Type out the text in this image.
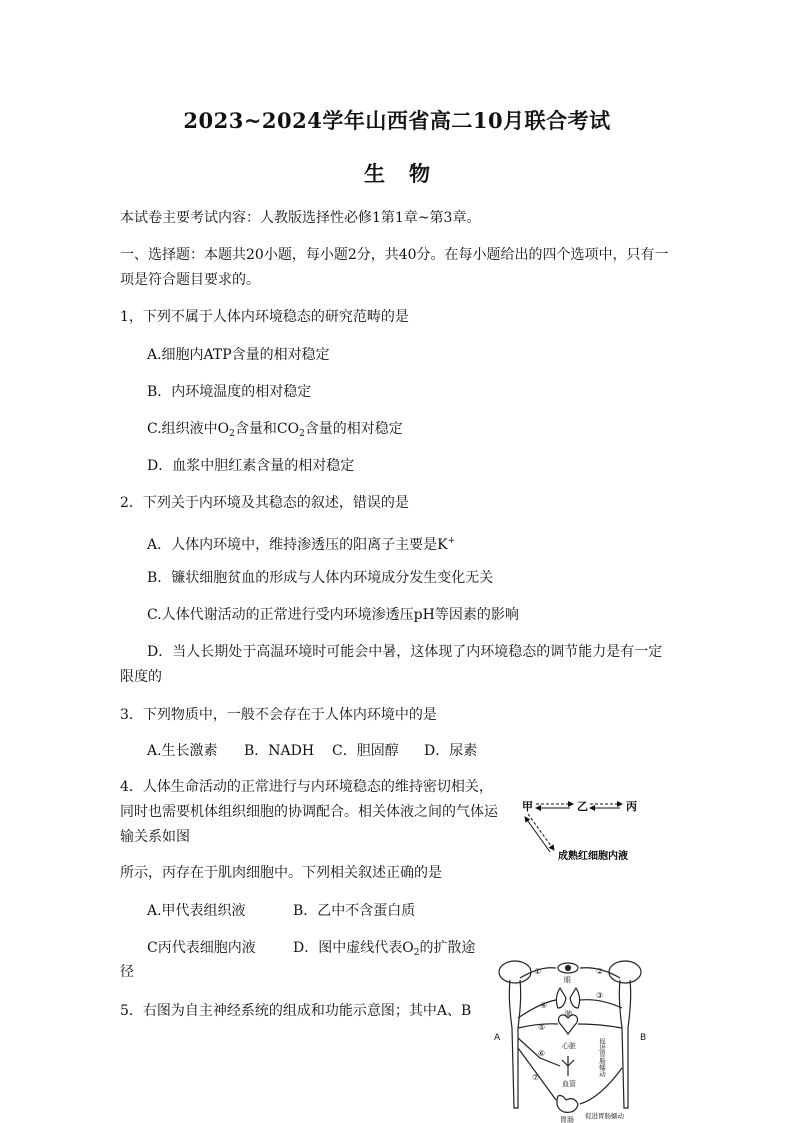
2023~2024学年山西省高二10月联合考试
生物
本试卷主要考试内容：人教版选择性必修1第1章~第3章。
一、选择题：本题共20小题，每小题2分，共40分。在每小题给出的四个选项中，只有一项是符合题目要求的。
1，下列不属于人体内环境稳态的研究范畴的是
A.细胞内ATP含量的相对稳定
B．内环境温度的相对稳定
C.组织液中$O_2$含量和$CO_2$含量的相对稳定
D．血浆中胆红素含量的相对稳定
2．下列关于内环境及其稳态的叙述，错误的是
A．人体内环境中，维持渗透压的阳离子主要是K+
B．镰状细胞贫血的形成与人体内环境成分发生变化无关
C.人体代谢活动的正常进行受内环境渗透压pH等因素的影响
D．当人长期处于高温环境时可能会中暑，这体现了内环境稳态的调节能力是有一定限度的
3．下列物质中，一般不会存在于人体内环境中的是
A.生长激素 B．NADH C．胆固醇 D．尿素
4．人体生命活动的正常进行与内环境稳态的维持密切相关，同时也需要机体组织细胞的协调配合。相关体液之间的气体运输关系如图
所示，丙存在于肌肉细胞中。下列相关叙述正确的是
A.甲代表组织液	B．乙中不含蛋白质
C丙代表细胞内液	D．图中虚线代表$O_2$的扩散途
径
甲	乙	丙
成熟红细胞内液
5．右图为自主神经系统的组成和功能示意图；其中A、B
A	B
眼
肺
心脏
血管
胃肠 促进胃肠蠕动
①	②
③
④
⑤
⑥
⑦
促进胃肠蠕动
